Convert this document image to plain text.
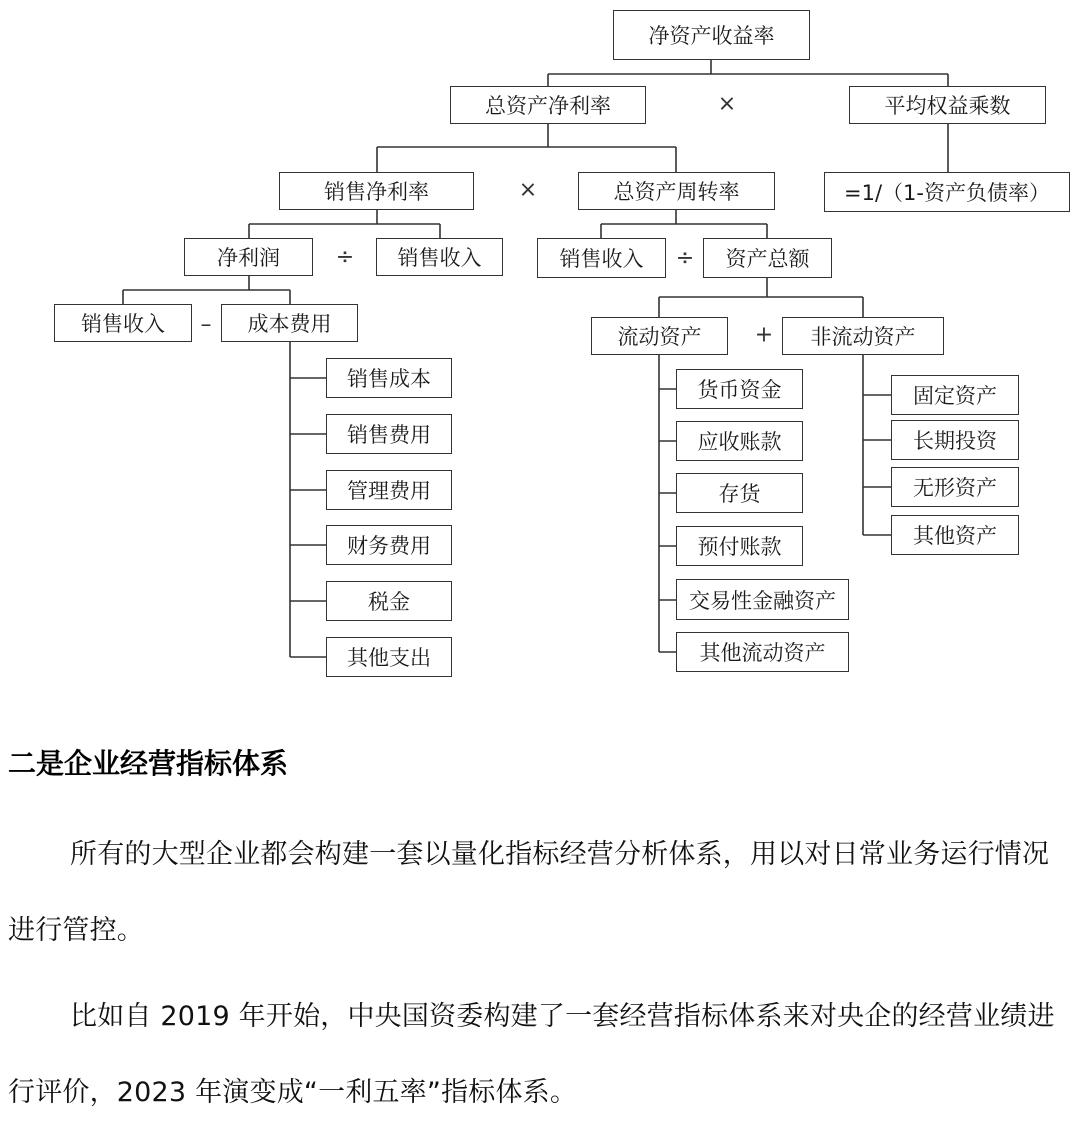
净资产收益率
总资产净利率	×	平均权益乘数
销售净利率	×	总资产周转率	=1/（1-资产负债率）
净利润	÷	销售收入	销售收入	÷	资产总额
销售收入	–	成本费用
流动资产	+	非流动资产
销售成本
销售费用
管理费用
财务费用
税金
其他支出
货币资金
应收账款
存货
预付账款
交易性金融资产
其他流动资产
固定资产
长期投资
无形资产
其他资产
二是企业经营指标体系
所有的大型企业都会构建一套以量化指标经营分析体系，用以对日常业务运行情况进行管控。
比如自 2019 年开始，中央国资委构建了一套经营指标体系来对央企的经营业绩进行评价，2023 年演变成“一利五率”指标体系。
